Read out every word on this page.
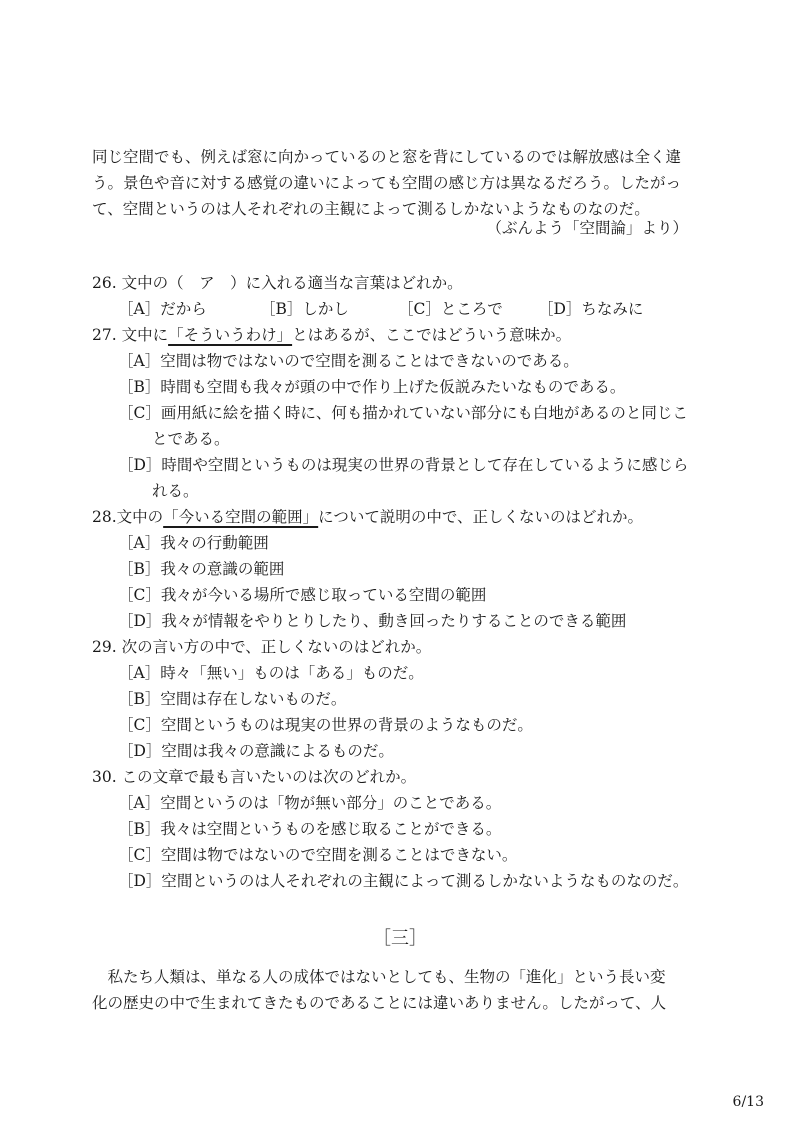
同じ空間でも、例えば窓に向かっているのと窓を背にしているのでは解放感は全く違
う。景色や音に対する感覚の違いによっても空間の感じ方は異なるだろう。したがっ
て、空間というのは人それぞれの主観によって測るしかないようなものなのだ。
（ぶんよう「空間論」より）
26. 文中の（　ア　）に入れる適当な言葉はどれか。
［A］だから	［B］しかし	［C］ところで ［D］ちなみに
27. 文中に「そういうわけ」とはあるが、ここではどういう意味か。
［A］空間は物ではないので空間を測ることはできないのである。
［B］時間も空間も我々が頭の中で作り上げた仮説みたいなものである。
［C］画用紙に絵を描く時に、何も描かれていない部分にも白地があるのと同じこ
とである。
［D］時間や空間というものは現実の世界の背景として存在しているように感じら
れる。
28.文中の「今いる空間の範囲」について説明の中で、正しくないのはどれか。
［A］我々の行動範囲
［B］我々の意識の範囲
［C］我々が今いる場所で感じ取っている空間の範囲
［D］我々が情報をやりとりしたり、動き回ったりすることのできる範囲
29. 次の言い方の中で、正しくないのはどれか。
［A］時々「無い」ものは「ある」ものだ。
［B］空間は存在しないものだ。
［C］空間というものは現実の世界の背景のようなものだ。
［D］空間は我々の意識によるものだ。
30. この文章で最も言いたいのは次のどれか。
［A］空間というのは「物が無い部分」のことである。
［B］我々は空間というものを感じ取ることができる。
［C］空間は物ではないので空間を測ることはできない。
［D］空間というのは人それぞれの主観によって測るしかないようなものなのだ。
［三］
　私たち人類は、単なる人の成体ではないとしても、生物の「進化」という長い変
化の歴史の中で生まれてきたものであることには違いありません。したがって、人
6/13
